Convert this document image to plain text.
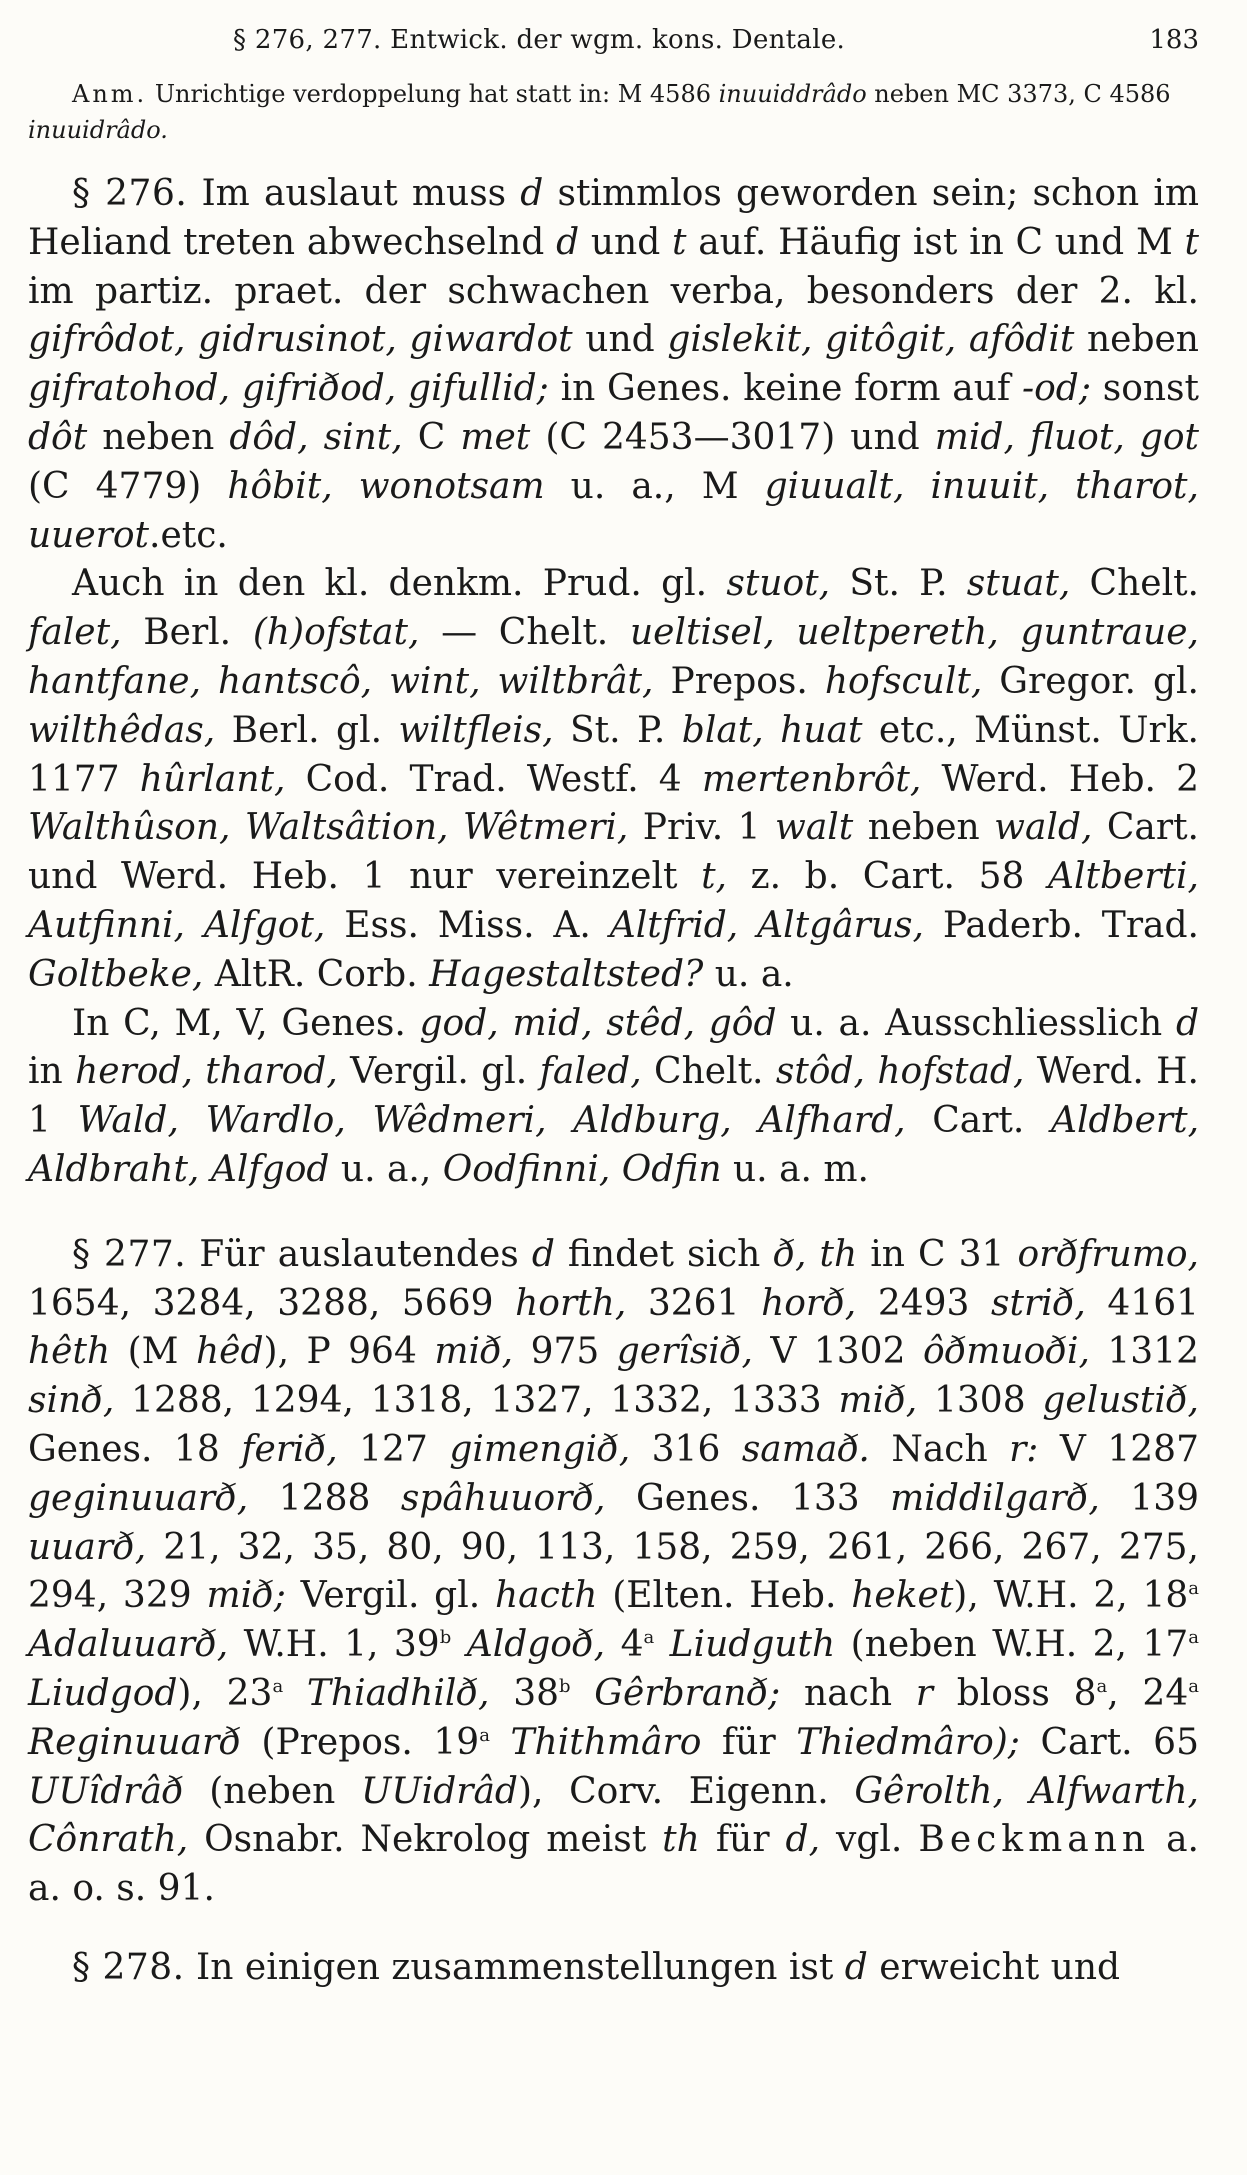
§ 276, 277. Entwick. der wgm. kons. Dentale.	183
Anm. Unrichtige verdoppelung hat statt in: M 4586 inuuiddrâdo neben MC 3373, C 4586 inuuidrâdo.

§ 276. Im auslaut muss d stimmlos geworden sein; schon im Heliand treten abwechselnd d und t auf. Häufig ist in C und M t im partiz. praet. der schwachen verba, besonders der 2. kl. gifrôdot, gidrusinot, giwardot und gislekit, gitôgit, afôdit neben gifratohod, gifriðod, gifullid; in Genes. keine form auf -od; sonst dôt neben dôd, sint, C met (C 2453—3017) und mid, fluot, got (C 4779) hôbit, wonotsam u. a., M giuualt, inuuit, tharot, uuerot.etc.

Auch in den kl. denkm. Prud. gl. stuot, St. P. stuat, Chelt. falet, Berl. (h)ofstat, — Chelt. ueltisel, ueltpereth, guntraue, hantfane, hantscô, wint, wiltbrât, Prepos. hofscult, Gregor. gl. wilthêdas, Berl. gl. wiltfleis, St. P. blat, huat etc., Münst. Urk. 1177 hûrlant, Cod. Trad. Westf. 4 mertenbrôt, Werd. Heb. 2 Walthûson, Waltsâtion, Wêtmeri, Priv. 1 walt neben wald, Cart. und Werd. Heb. 1 nur vereinzelt t, z. b. Cart. 58 Altberti, Autfinni, Alfgot, Ess. Miss. A. Altfrid, Altgârus, Paderb. Trad. Goltbeke, AltR. Corb. Hagestaltsted? u. a.

In C, M, V, Genes. god, mid, stêd, gôd u. a. Ausschliesslich d in herod, tharod, Vergil. gl. faled, Chelt. stôd, hofstad, Werd. H. 1 Wald, Wardlo, Wêdmeri, Aldburg, Alfhard, Cart. Aldbert, Aldbraht, Alfgod u. a., Oodfinni, Odfin u. a. m.

§ 277. Für auslautendes d findet sich ð, th in C 31 orðfrumo, 1654, 3284, 3288, 5669 horth, 3261 horð, 2493 strið, 4161 hêth (M hêd), P 964 mið, 975 gerîsið, V 1302 ôðmuoði, 1312 sinð, 1288, 1294, 1318, 1327, 1332, 1333 mið, 1308 gelustið, Genes. 18 ferið, 127 gimengið, 316 samað. Nach r: V 1287 geginuuarð, 1288 spâhuuorð, Genes. 133 middilgarð, 139 uuarð, 21, 32, 35, 80, 90, 113, 158, 259, 261, 266, 267, 275, 294, 329 mið; Vergil. gl. hacth (Elten. Heb. heket), W.H. 2, 18$^a$ Adaluuarð, W.H. 1, 39$^b$ Aldgoð, 4$^a$ Liudguth (neben W.H. 2, 17$^a$ Liudgod), 23$^a$ Thiadhilð, 38$^b$ Gêrbranð; nach r bloss 8$^a$, 24$^a$ Reginuuarð (Prepos. 19$^a$ Thithmâro für Thiedmâro); Cart. 65 UUîdrâð (neben UUidrâd), Corv. Eigenn. Gêrolth, Alfwarth, Cônrath, Osnabr. Nekrolog meist th für d, vgl. Beckmann a. a. o. s. 91.

§ 278. In einigen zusammenstellungen ist d erweicht und
